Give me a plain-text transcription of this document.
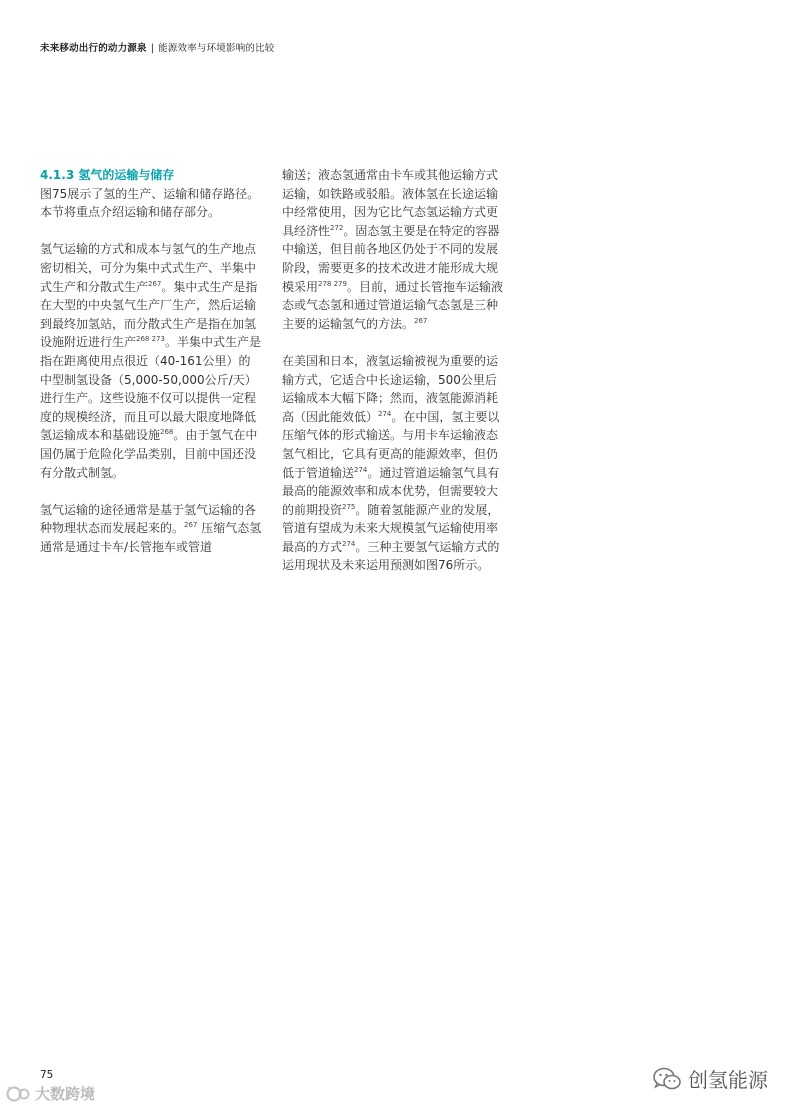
未来移动出行的动力源泉 | 能源效率与环境影响的比较
4.1.3 氢气的运输与储存

图75展示了氢的生产、运输和储存路径。本节将重点介绍运输和储存部分。

氢气运输的方式和成本与氢气的生产地点密切相关，可分为集中式式生产、半集中式生产和分散式生产$^{267}$。集中式生产是指在大型的中央氢气生产厂生产，然后运输到最终加氢站，而分散式生产是指在加氢设施附近进行生产$^{268 273}$。半集中式生产是指在距离使用点很近（40-161公里）的中型制氢设备（5,000-50,000公斤/天）进行生产。这些设施不仅可以提供一定程度的规模经济，而且可以最大限度地降低氢运输成本和基础设施$^{268}$。由于氢气在中国仍属于危险化学品类别，目前中国还没有分散式制氢。

氢气运输的途径通常是基于氢气运输的各种物理状态而发展起来的。$^{267}$ 压缩气态氢通常是通过卡车/长管拖车或管道

输送；液态氢通常由卡车或其他运输方式运输，如铁路或驳船。液体氢在长途运输中经常使用，因为它比气态氢运输方式更具经济性$^{272}$。固态氢主要是在特定的容器中输送，但目前各地区仍处于不同的发展阶段，需要更多的技术改进才能形成大规模采用$^{278 279}$。目前，通过长管拖车运输液态或气态氢和通过管道运输气态氢是三种主要的运输氢气的方法。$^{267}$

在美国和日本，液氢运输被视为重要的运输方式，它适合中长途运输，500公里后运输成本大幅下降；然而，液氢能源消耗高（因此能效低）$^{274}$。在中国，氢主要以压缩气体的形式输送。与用卡车运输液态氢气相比，它具有更高的能源效率，但仍低于管道输送$^{274}$。通过管道运输氢气具有最高的能源效率和成本优势，但需要较大的前期投资$^{275}$。随着氢能源产业的发展，管道有望成为未来大规模氢气运输使用率最高的方式$^{274}$。三种主要氢气运输方式的运用现状及未来运用预测如图76所示。

75
1 大数跨境
创氢能源
